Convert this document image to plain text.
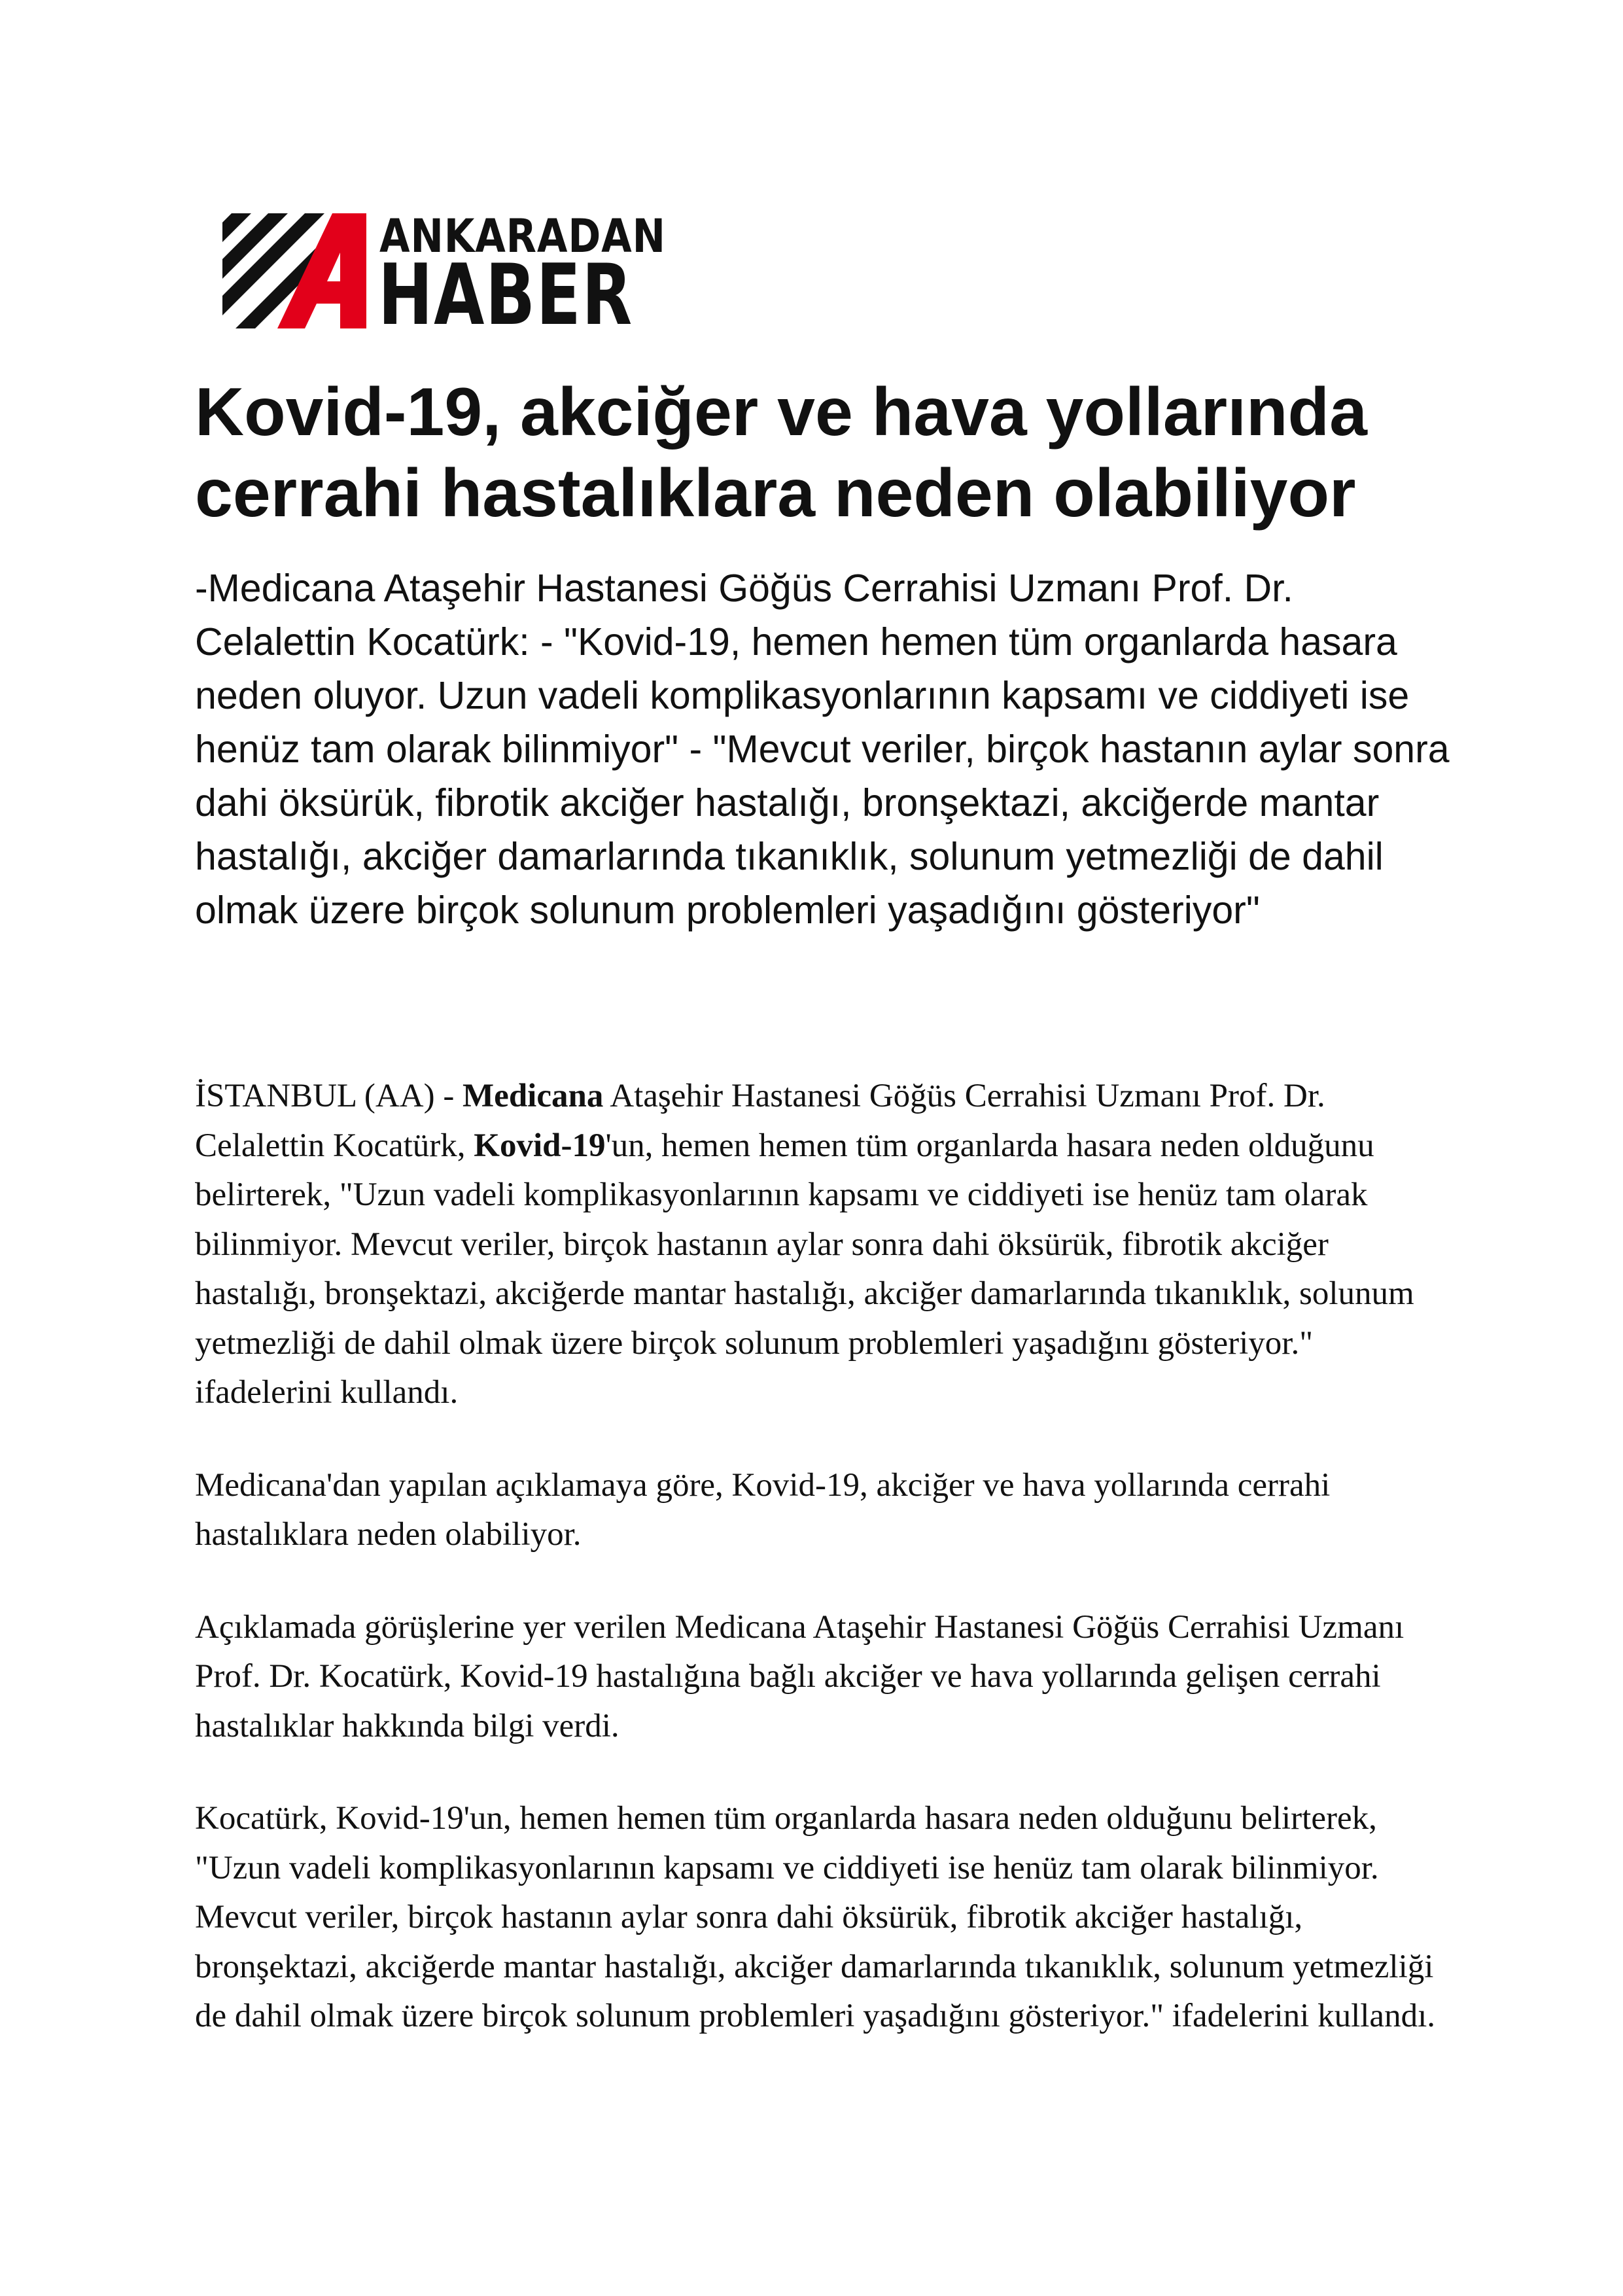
ANKARADAN
HABER
Kovid-19, akciğer ve hava yollarında cerrahi hastalıklara neden olabiliyor

-Medicana Ataşehir Hastanesi Göğüs Cerrahisi Uzmanı Prof. Dr. Celalettin Kocatürk: - "Kovid-19, hemen hemen tüm organlarda hasara neden oluyor. Uzun vadeli komplikasyonlarının kapsamı ve ciddiyeti ise henüz tam olarak bilinmiyor" - "Mevcut veriler, birçok hastanın aylar sonra dahi öksürük, fibrotik akciğer hastalığı, bronşektazi, akciğerde mantar hastalığı, akciğer damarlarında tıkanıklık, solunum yetmezliği de dahil olmak üzere birçok solunum problemleri yaşadığını gösteriyor"

İSTANBUL (AA) - Medicana Ataşehir Hastanesi Göğüs Cerrahisi Uzmanı Prof. Dr. Celalettin Kocatürk, Kovid-19'un, hemen hemen tüm organlarda hasara neden olduğunu belirterek, "Uzun vadeli komplikasyonlarının kapsamı ve ciddiyeti ise henüz tam olarak bilinmiyor. Mevcut veriler, birçok hastanın aylar sonra dahi öksürük, fibrotik akciğer hastalığı, bronşektazi, akciğerde mantar hastalığı, akciğer damarlarında tıkanıklık, solunum yetmezliği de dahil olmak üzere birçok solunum problemleri yaşadığını gösteriyor." ifadelerini kullandı.

Medicana'dan yapılan açıklamaya göre, Kovid-19, akciğer ve hava yollarında cerrahi hastalıklara neden olabiliyor.

Açıklamada görüşlerine yer verilen Medicana Ataşehir Hastanesi Göğüs Cerrahisi Uzmanı Prof. Dr. Kocatürk, Kovid-19 hastalığına bağlı akciğer ve hava yollarında gelişen cerrahi hastalıklar hakkında bilgi verdi.

Kocatürk, Kovid-19'un, hemen hemen tüm organlarda hasara neden olduğunu belirterek, "Uzun vadeli komplikasyonlarının kapsamı ve ciddiyeti ise henüz tam olarak bilinmiyor. Mevcut veriler, birçok hastanın aylar sonra dahi öksürük, fibrotik akciğer hastalığı, bronşektazi, akciğerde mantar hastalığı, akciğer damarlarında tıkanıklık, solunum yetmezliği de dahil olmak üzere birçok solunum problemleri yaşadığını gösteriyor." ifadelerini kullandı.
